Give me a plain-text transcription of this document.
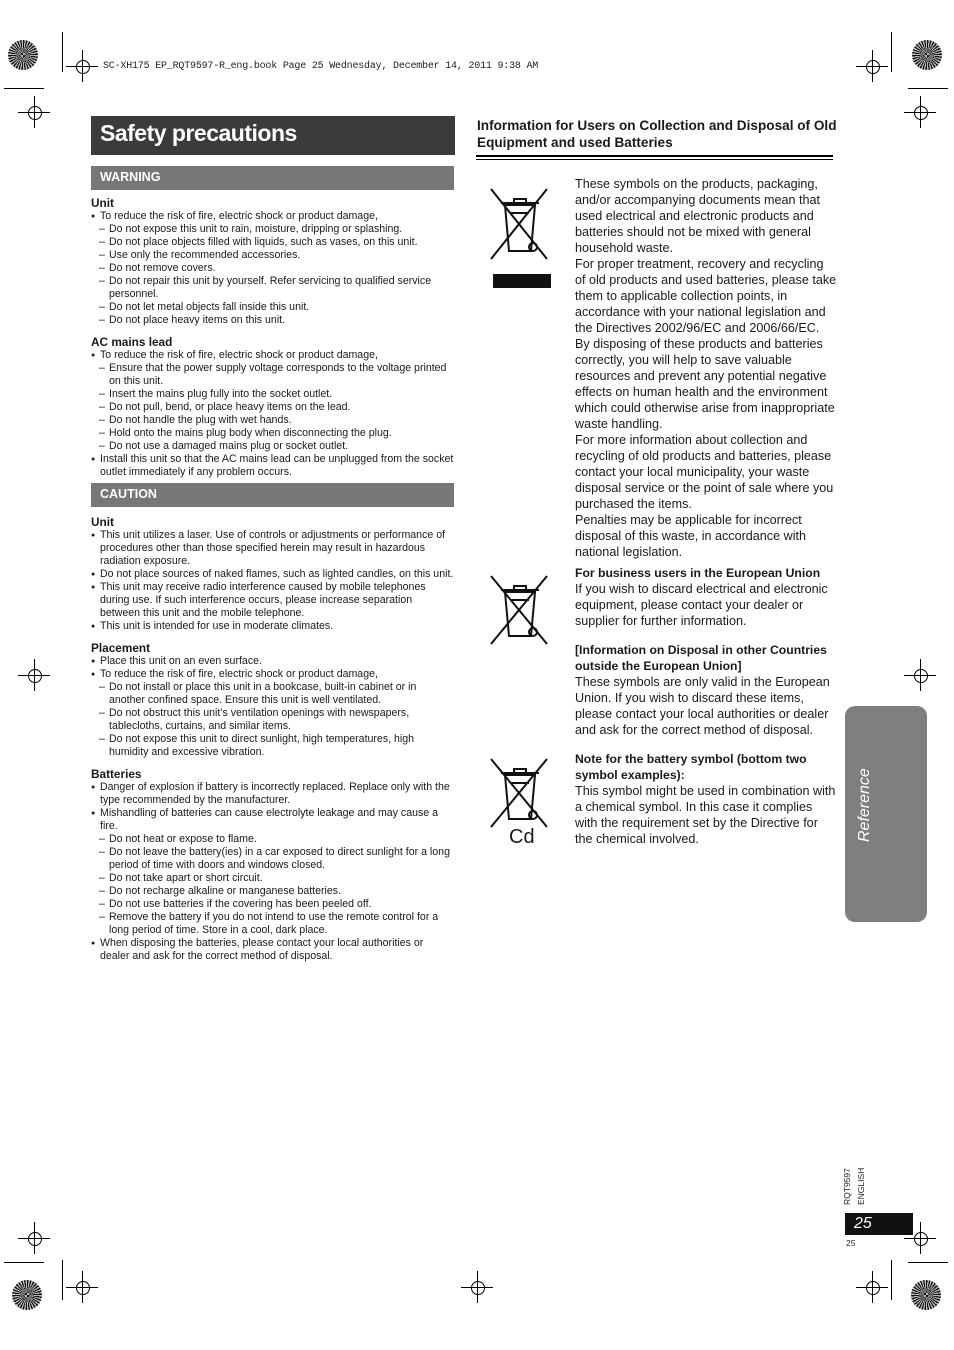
SC-XH175 EP_RQT9597-R_eng.book Page 25 Wednesday, December 14, 2011 9:38 AM
Safety precautions
WARNING

Unit

● To reduce the risk of fire, electric shock or product damage,

– Do not expose this unit to rain, moisture, dripping or splashing.

– Do not place objects filled with liquids, such as vases, on this unit.

– Use only the recommended accessories.

– Do not remove covers.

– Do not repair this unit by yourself. Refer servicing to qualified service personnel.

– Do not let metal objects fall inside this unit.

– Do not place heavy items on this unit.

AC mains lead

● To reduce the risk of fire, electric shock or product damage,

– Ensure that the power supply voltage corresponds to the voltage printed on this unit.

– Insert the mains plug fully into the socket outlet.

– Do not pull, bend, or place heavy items on the lead.

– Do not handle the plug with wet hands.

– Hold onto the mains plug body when disconnecting the plug.

– Do not use a damaged mains plug or socket outlet.

● Install this unit so that the AC mains lead can be unplugged from the socket outlet immediately if any problem occurs.

CAUTION

Unit

● This unit utilizes a laser. Use of controls or adjustments or performance of procedures other than those specified herein may result in hazardous radiation exposure.

● Do not place sources of naked flames, such as lighted candles, on this unit.

● This unit may receive radio interference caused by mobile telephones during use. If such interference occurs, please increase separation between this unit and the mobile telephone.

● This unit is intended for use in moderate climates.

Placement

● Place this unit on an even surface.

● To reduce the risk of fire, electric shock or product damage,

– Do not install or place this unit in a bookcase, built-in cabinet or in another confined space. Ensure this unit is well ventilated.

– Do not obstruct this unit’s ventilation openings with newspapers, tablecloths, curtains, and similar items.

– Do not expose this unit to direct sunlight, high temperatures, high humidity and excessive vibration.

Batteries

● Danger of explosion if battery is incorrectly replaced. Replace only with the type recommended by the manufacturer.

● Mishandling of batteries can cause electrolyte leakage and may cause a fire.

– Do not heat or expose to flame.

– Do not leave the battery(ies) in a car exposed to direct sunlight for a long period of time with doors and windows closed.

– Do not take apart or short circuit.

– Do not recharge alkaline or manganese batteries.

– Do not use batteries if the covering has been peeled off.

– Remove the battery if you do not intend to use the remote control for a long period of time. Store in a cool, dark place.

● When disposing the batteries, please contact your local authorities or dealer and ask for the correct method of disposal.

Information for Users on Collection and Disposal of Old Equipment and used Batteries

These symbols on the products, packaging, and/or accompanying documents mean that used electrical and electronic products and batteries should not be mixed with general household waste.

For proper treatment, recovery and recycling of old products and used batteries, please take them to applicable collection points, in accordance with your national legislation and the Directives 2002/96/EC and 2006/66/EC.

By disposing of these products and batteries correctly, you will help to save valuable resources and prevent any potential negative effects on human health and the environment which could otherwise arise from inappropriate waste handling.

For more information about collection and recycling of old products and batteries, please contact your local municipality, your waste disposal service or the point of sale where you purchased the items.

Penalties may be applicable for incorrect disposal of this waste, in accordance with national legislation.

For business users in the European Union

If you wish to discard electrical and electronic equipment, please contact your dealer or supplier for further information.

[Information on Disposal in other Countries outside the European Union]

These symbols are only valid in the European Union. If you wish to discard these items, please contact your local authorities or dealer and ask for the correct method of disposal.

Cd

Note for the battery symbol (bottom two symbol examples):

This symbol might be used in combination with a chemical symbol. In this case it complies with the requirement set by the Directive for the chemical involved.	Reference
RQT9597 ENGLISH
25
25
